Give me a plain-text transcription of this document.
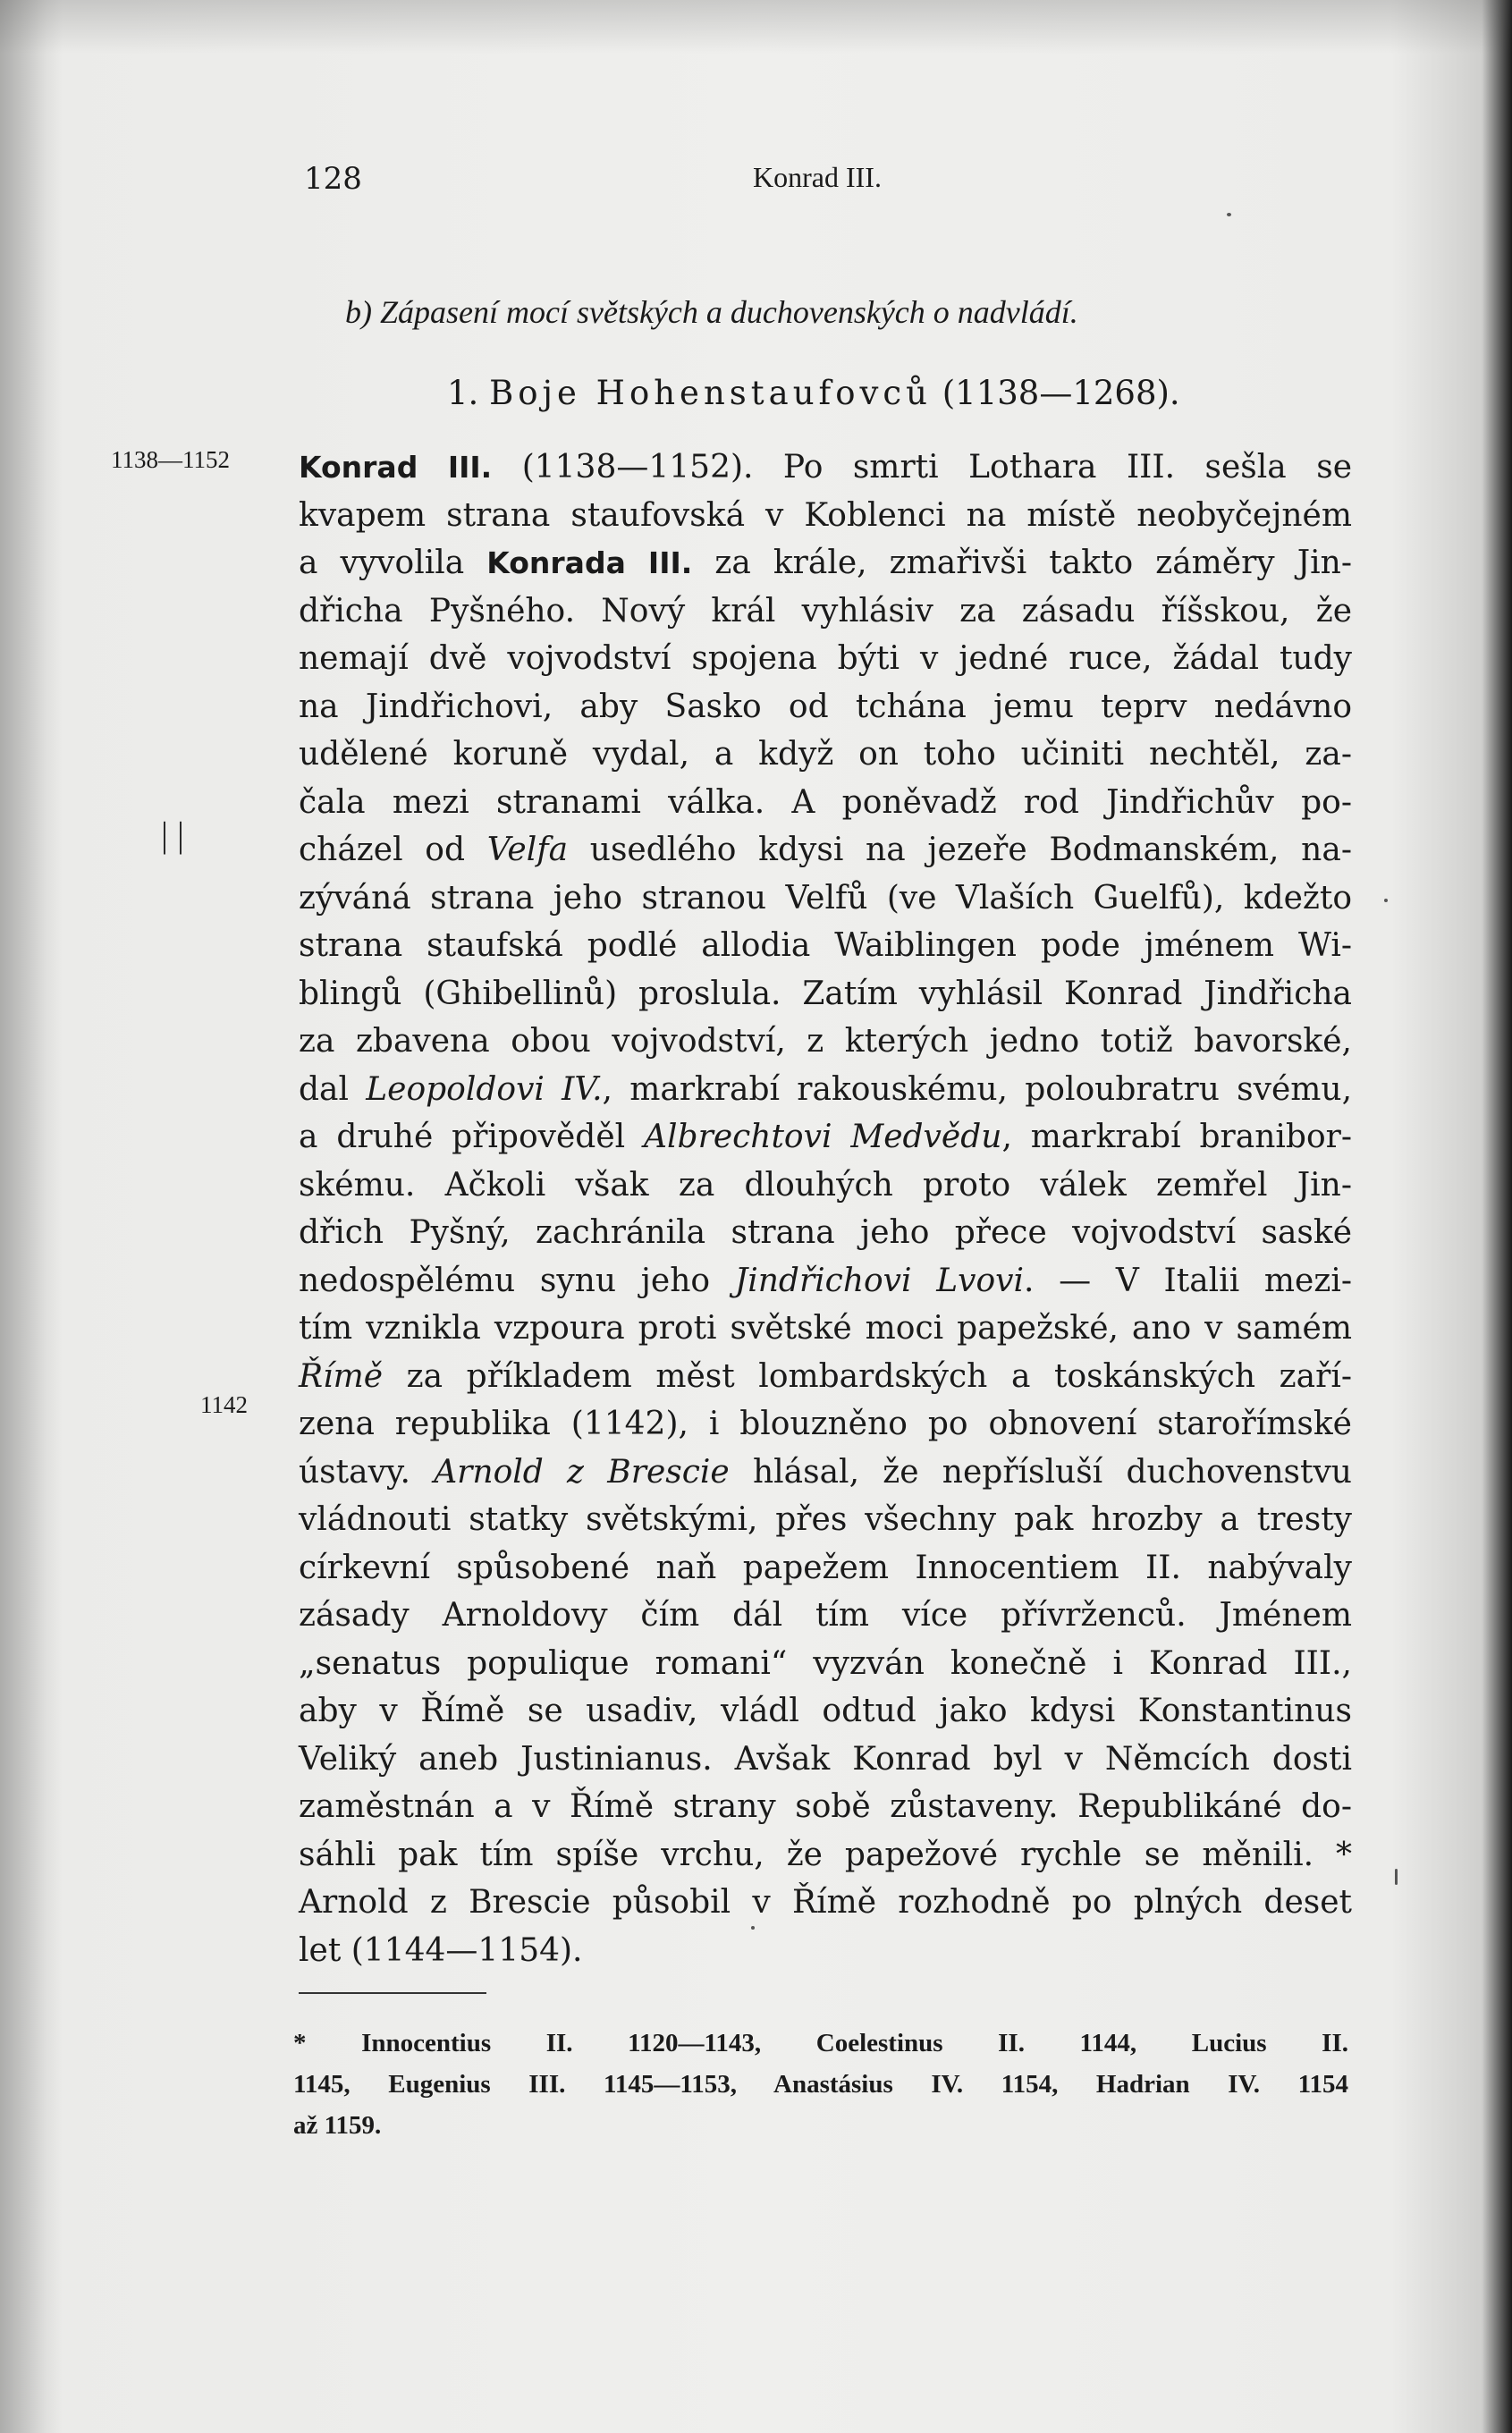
128	Konrad III.
b) Zápasení mocí světských a duchovenských o nadvládí.
1. Boje Hohenstaufovců (1138—1268).
1138—1152
1142
| |
Konrad III. (1138—1152). Po smrti Lothara III. sešla se
kvapem strana staufovská v Koblenci na místě neobyčejném
a vyvolila Konrada III. za krále, zmařivši takto záměry Jin-
dřicha Pyšného. Nový král vyhlásiv za zásadu říšskou, že
nemají dvě vojvodství spojena býti v jedné ruce, žádal tudy
na Jindřichovi, aby Sasko od tchána jemu teprv nedávno
udělené koruně vydal, a když on toho učiniti nechtěl, za-
čala mezi stranami válka. A poněvadž rod Jindřichův po-
cházel od Velfa usedlého kdysi na jezeře Bodmanském, na-
zýváná strana jeho stranou Velfů (ve Vlaších Guelfů), kdežto
strana staufská podlé allodia Waiblingen pode jménem Wi-
blingů (Ghibellinů) proslula. Zatím vyhlásil Konrad Jindřicha
za zbavena obou vojvodství, z kterých jedno totiž bavorské,
dal Leopoldovi IV., markrabí rakouskému, poloubratru svému,
a druhé připověděl Albrechtovi Medvědu, markrabí branibor-
skému. Ačkoli však za dlouhých proto válek zemřel Jin-
dřich Pyšný, zachránila strana jeho přece vojvodství saské
nedospělému synu jeho Jindřichovi Lvovi. — V Italii mezi-
tím vznikla vzpoura proti světské moci papežské, ano v samém
Římě za příkladem měst lombardských a toskánských zaří-
zena republika (1142), i blouzněno po obnovení starořímské
ústavy. Arnold z Brescie hlásal, že nepřísluší duchovenstvu
vládnouti statky světskými, přes všechny pak hrozby a tresty
církevní spůsobené naň papežem Innocentiem II. nabývaly
zásady Arnoldovy čím dál tím více přívrženců. Jménem
„senatus populique romani“ vyzván konečně i Konrad III.,
aby v Římě se usadiv, vládl odtud jako kdysi Konstantinus
Veliký aneb Justinianus. Avšak Konrad byl v Němcích dosti
zaměstnán a v Římě strany sobě zůstaveny. Republikáné do-
sáhli pak tím spíše vrchu, že papežové rychle se měnili. *
Arnold z Brescie působil v Římě rozhodně po plných deset
let (1144—1154).
* Innocentius II. 1120—1143, Coelestinus II. 1144, Lucius II.
1145, Eugenius III. 1145—1153, Anastásius IV. 1154, Hadrian IV. 1154
až 1159.
